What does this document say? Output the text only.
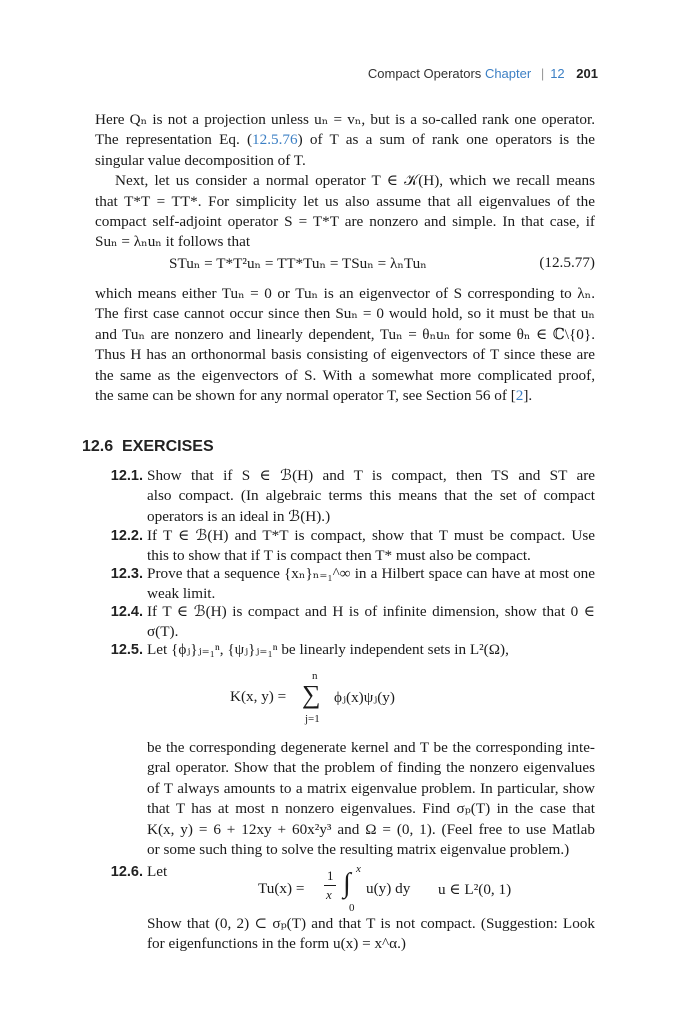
Compact Operators Chapter | 12 201
Here Qₙ is not a projection unless uₙ = vₙ, but is a so-called rank one operator.
The representation Eq. (12.5.76) of T as a sum of rank one operators is the
singular value decomposition of T.
Next, let us consider a normal operator T ∈ 𝒦(H), which we recall means
that T*T = TT*. For simplicity let us also assume that all eigenvalues of the
compact self-adjoint operator S = T*T are nonzero and simple. In that case, if
Suₙ = λₙuₙ it follows that
STuₙ = T*T²uₙ = TT*Tuₙ = TSuₙ = λₙTuₙ	(12.5.77)
which means either Tuₙ = 0 or Tuₙ is an eigenvector of S corresponding to λₙ.
The first case cannot occur since then Suₙ = 0 would hold, so it must be that uₙ
and Tuₙ are nonzero and linearly dependent, Tuₙ = θₙuₙ for some θₙ ∈ ℂ\{0}.
Thus H has an orthonormal basis consisting of eigenvectors of T since these are
the same as the eigenvectors of S. With a somewhat more complicated proof,
the same can be shown for any normal operator T, see Section 56 of [2].
12.6 EXERCISES
12.1. Show that if S ∈ ℬ(H) and T is compact, then TS and ST are
also compact. (In algebraic terms this means that the set of compact
operators is an ideal in ℬ(H).)
12.2. If T ∈ ℬ(H) and T*T is compact, show that T must be compact. Use
this to show that if T is compact then T* must also be compact.
12.3. Prove that a sequence {xₙ}ₙ₌₁^∞ in a Hilbert space can have at most one
weak limit.
12.4. If T ∈ ℬ(H) is compact and H is of infinite dimension, show that 0 ∈
σ(T).
12.5. Let {ϕⱼ}ⱼ₌₁ⁿ, {ψⱼ}ⱼ₌₁ⁿ be linearly independent sets in L²(Ω),
K(x, y) =
n
∑
j=1
ϕⱼ(x)ψⱼ(y)
be the corresponding degenerate kernel and T be the corresponding inte-
gral operator. Show that the problem of finding the nonzero eigenvalues
of T always amounts to a matrix eigenvalue problem. In particular, show
that T has at most n nonzero eigenvalues. Find σₚ(T) in the case that
K(x, y) = 6 + 12xy + 60x²y³ and Ω = (0, 1). (Feel free to use Matlab
or some such thing to solve the resulting matrix eigenvalue problem.)
12.6. Let
Tu(x) =
1
x ∫ x
0
u(y) dy u ∈ L²(0, 1)
Show that (0, 2) ⊂ σₚ(T) and that T is not compact. (Suggestion: Look
for eigenfunctions in the form u(x) = x^α.)
